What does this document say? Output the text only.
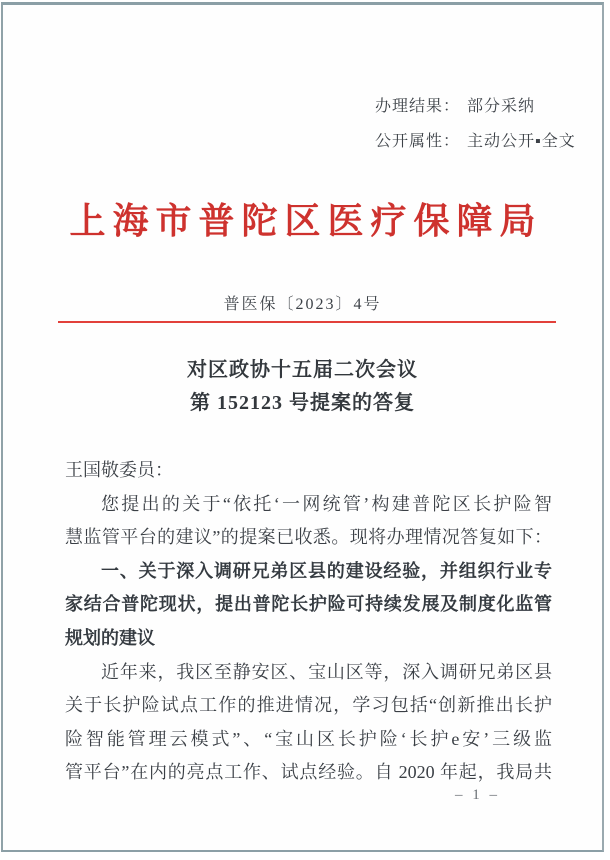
办理结果： 部分采纳
公开属性： 主动公开▪全文
上海市普陀区医疗保障局
普医保〔2023〕4号
对区政协十五届二次会议
第 152123 号提案的答复
王国敬委员：
您提出的关于“依托‘一网统管’构建普陀区长护险智
慧监管平台的建议”的提案已收悉。现将办理情况答复如下：
一、关于深入调研兄弟区县的建设经验，并组织行业专
家结合普陀现状，提出普陀长护险可持续发展及制度化监管
规划的建议
近年来，我区至静安区、宝山区等，深入调研兄弟区县
关于长护险试点工作的推进情况，学习包括“创新推出长护
险智能管理云模式”、“宝山区长护险‘长护e安’三级监
管平台”在内的亮点工作、试点经验。自 2020 年起，我局共
– 1 –
